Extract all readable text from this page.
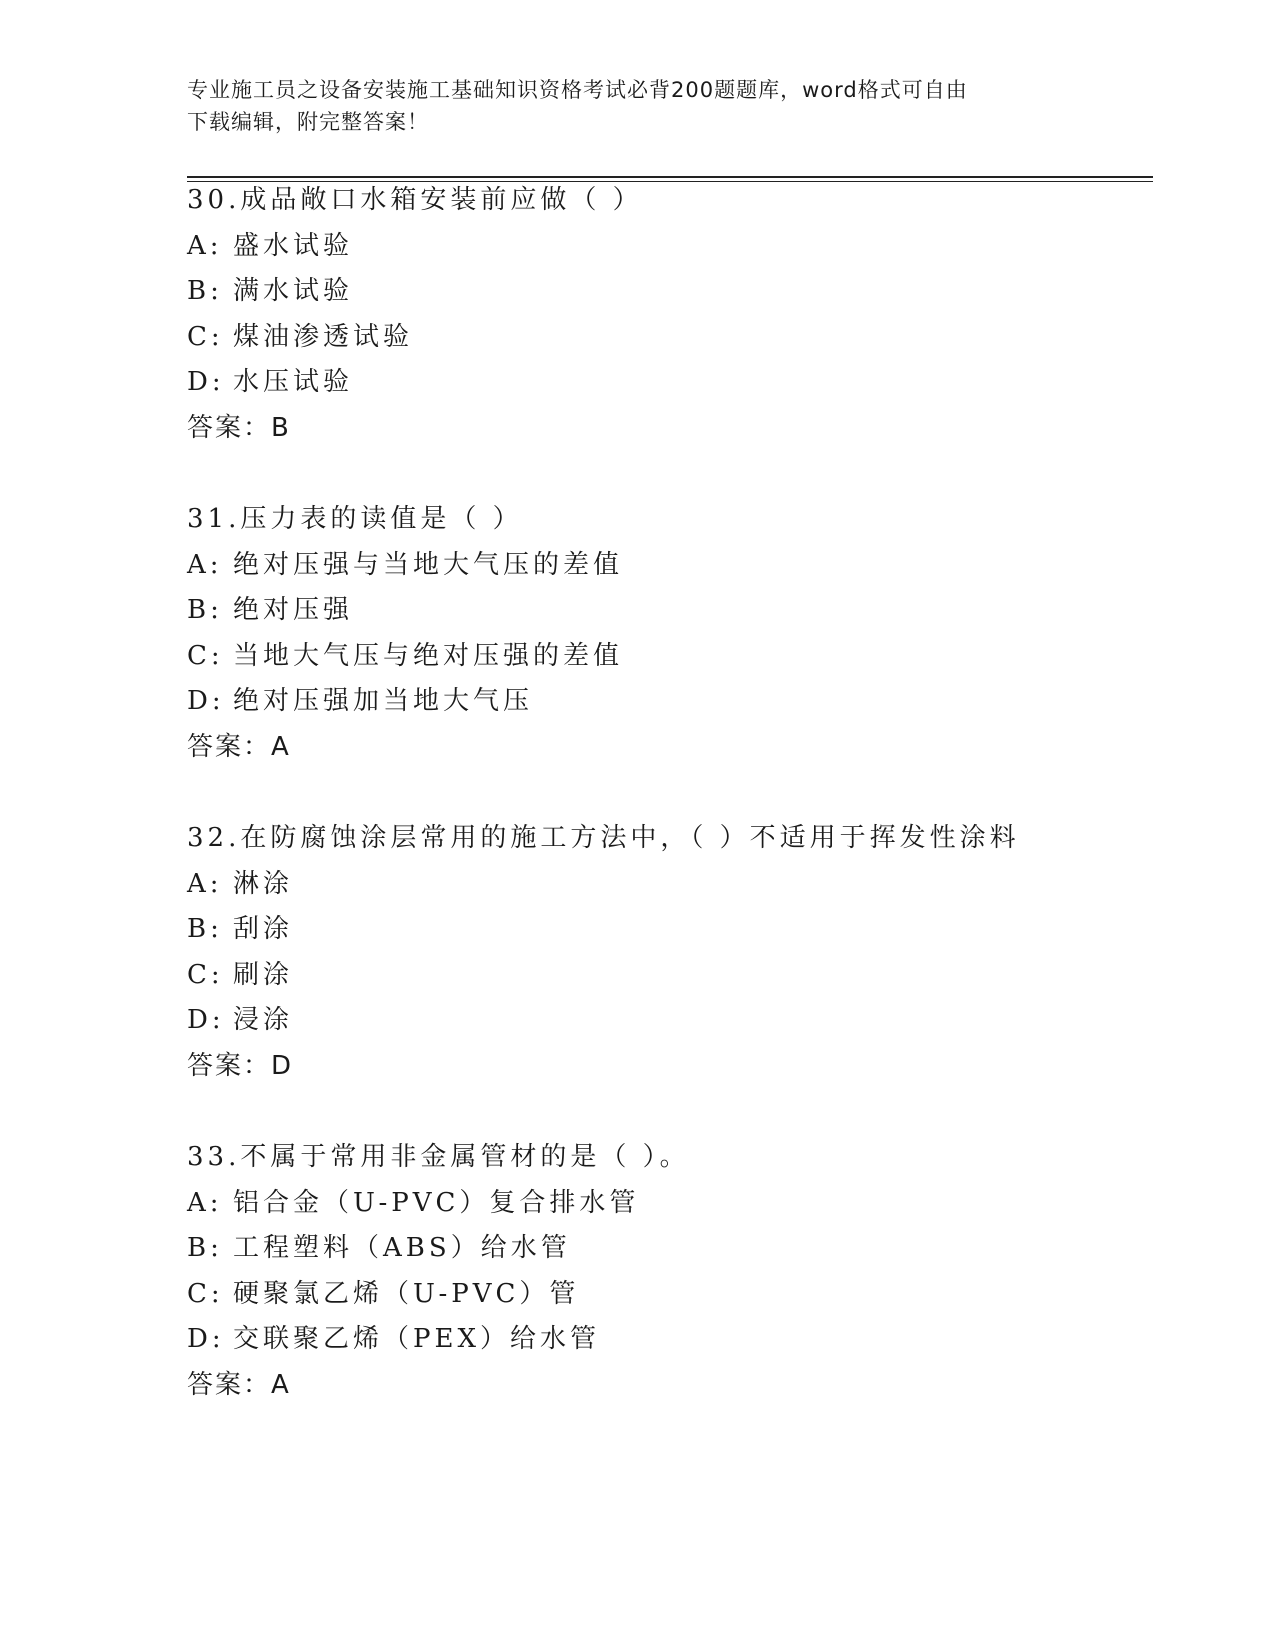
专业施工员之设备安装施工基础知识资格考试必背200题题库，word格式可自由
下载编辑，附完整答案！
30.成品敞口水箱安装前应做（ ）
A: 盛水试验
B: 满水试验
C: 煤油渗透试验
D: 水压试验
答案：B
31.压力表的读值是（ ）
A: 绝对压强与当地大气压的差值
B: 绝对压强
C: 当地大气压与绝对压强的差值
D: 绝对压强加当地大气压
答案：A
32.在防腐蚀涂层常用的施工方法中，（ ）不适用于挥发性涂料
A: 淋涂
B: 刮涂
C: 刷涂
D: 浸涂
答案：D
33.不属于常用非金属管材的是（ ）。
A: 铝合金（U-PVC）复合排水管
B: 工程塑料（ABS）给水管
C: 硬聚氯乙烯（U-PVC）管
D: 交联聚乙烯（PEX）给水管
答案：A
